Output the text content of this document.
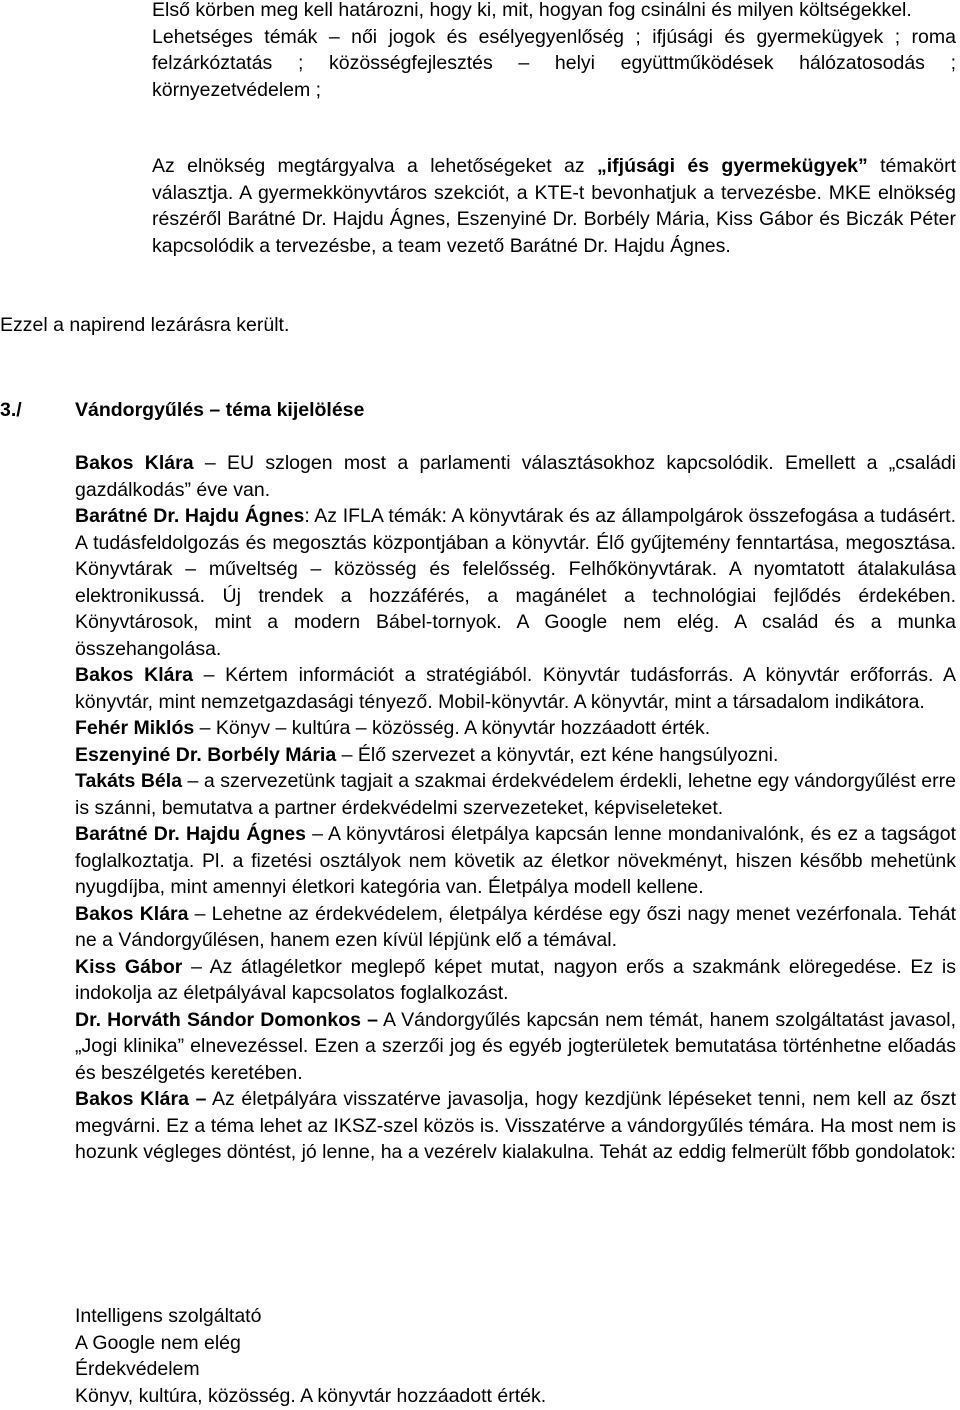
Első körben meg kell határozni, hogy ki, mit, hogyan fog csinálni és milyen költségekkel.
Lehetséges témák – női jogok és esélyegyenlőség ; ifjúsági és gyermekügyek ; roma felzárkóztatás ; közösségfejlesztés – helyi együttműködések hálózatosodás ; környezetvédelem ;
Az elnökség megtárgyalva a lehetőségeket az „ifjúsági és gyermekügyek” témakört választja. A gyermekkönyvtáros szekciót, a KTE-t bevonhatjuk a tervezésbe. MKE elnökség részéről Barátné Dr. Hajdu Ágnes, Eszenyiné Dr. Borbély Mária, Kiss Gábor és Biczák Péter kapcsolódik a tervezésbe, a team vezető Barátné Dr. Hajdu Ágnes.
Ezzel a napirend lezárásra került.
3./	Vándorgyűlés – téma kijelölése
Bakos Klára – EU szlogen most a parlamenti választásokhoz kapcsolódik. Emellett a „családi gazdálkodás” éve van.
Barátné Dr. Hajdu Ágnes: Az IFLA témák: A könyvtárak és az állampolgárok összefogása a tudásért. A tudásfeldolgozás és megosztás központjában a könyvtár. Élő gyűjtemény fenntartása, megosztása. Könyvtárak – műveltség – közösség és felelősség. Felhőkönyvtárak. A nyomtatott átalakulása elektronikussá. Új trendek a hozzáférés, a magánélet a technológiai fejlődés érdekében. Könyvtárosok, mint a modern Bábel-tornyok. A Google nem elég. A család és a munka összehangolása.
Bakos Klára – Kértem információt a stratégiából. Könyvtár tudásforrás. A könyvtár erőforrás. A könyvtár, mint nemzetgazdasági tényező. Mobil-könyvtár. A könyvtár, mint a társadalom indikátora.
Fehér Miklós – Könyv – kultúra – közösség. A könyvtár hozzáadott érték.
Eszenyiné Dr. Borbély Mária – Élő szervezet a könyvtár, ezt kéne hangsúlyozni.
Takáts Béla – a szervezetünk tagjait a szakmai érdekvédelem érdekli, lehetne egy vándorgyűlést erre is szánni, bemutatva a partner érdekvédelmi szervezeteket, képviseleteket.
Barátné Dr. Hajdu Ágnes – A könyvtárosi életpálya kapcsán lenne mondanivalónk, és ez a tagságot foglalkoztatja. Pl. a fizetési osztályok nem követik az életkor növekményt, hiszen később mehetünk nyugdíjba, mint amennyi életkori kategória van. Életpálya modell kellene.
Bakos Klára – Lehetne az érdekvédelem, életpálya kérdése egy őszi nagy menet vezérfonala. Tehát ne a Vándorgyűlésen, hanem ezen kívül lépjünk elő a témával.
Kiss Gábor – Az átlagéletkor meglepő képet mutat, nagyon erős a szakmánk elöregedése. Ez is indokolja az életpályával kapcsolatos foglalkozást.
Dr. Horváth Sándor Domonkos – A Vándorgyűlés kapcsán nem témát, hanem szolgáltatást javasol, „Jogi klinika” elnevezéssel. Ezen a szerzői jog és egyéb jogterületek bemutatása történhetne előadás és beszélgetés keretében.
Bakos Klára – Az életpályára visszatérve javasolja, hogy kezdjünk lépéseket tenni, nem kell az őszt megvárni. Ez a téma lehet az IKSZ-szel közös is. Visszatérve a vándorgyűlés témára. Ha most nem is hozunk végleges döntést, jó lenne, ha a vezérelv kialakulna. Tehát az eddig felmerült főbb gondolatok:
Intelligens szolgáltató
A Google nem elég
Érdekvédelem
Könyv, kultúra, közösség. A könyvtár hozzáadott érték.
